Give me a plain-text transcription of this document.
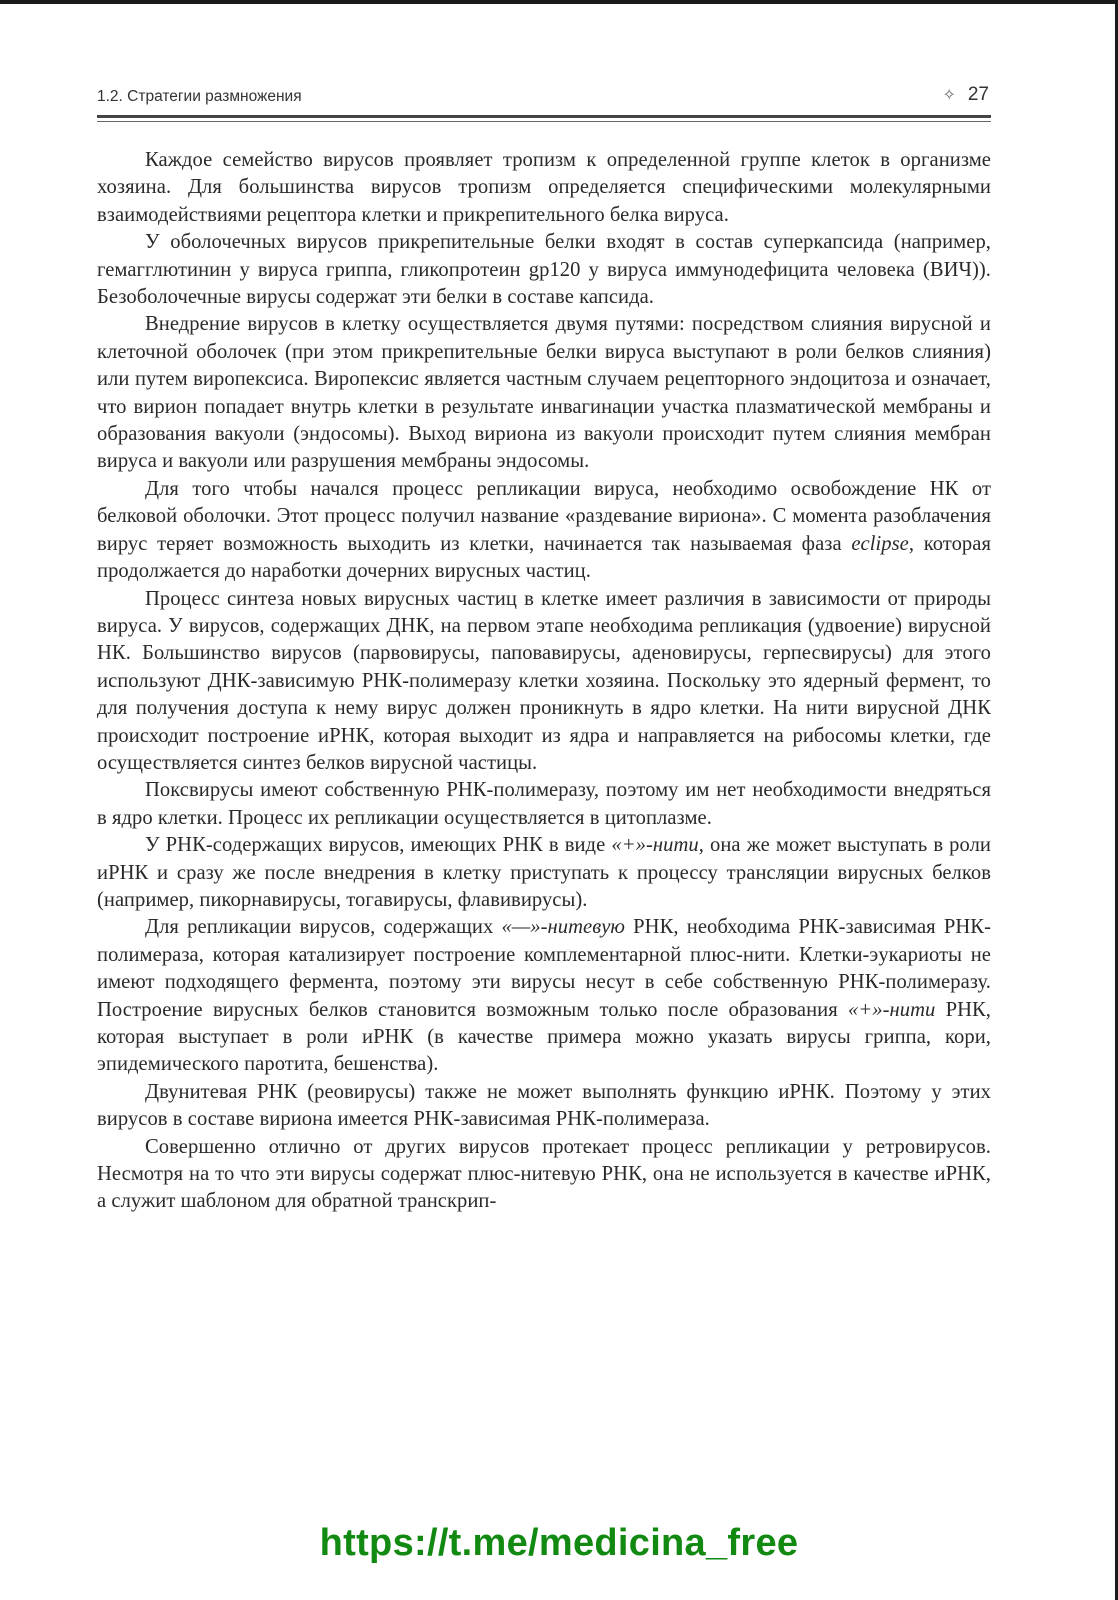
1.2. Стратегии размножения	✧ 27

Каждое семейство вирусов проявляет тропизм к определенной группе клеток в организме хозяина. Для большинства вирусов тропизм определяется специфическими молекулярными взаимодействиями рецептора клетки и прикрепительного белка вируса.

У оболочечных вирусов прикрепительные белки входят в состав суперкапсида (например, гемагглютинин у вируса гриппа, гликопротеин gp120 у вируса иммунодефицита человека (ВИЧ)). Безоболочечные вирусы содержат эти белки в составе капсида.

Внедрение вирусов в клетку осуществляется двумя путями: посредством слияния вирусной и клеточной оболочек (при этом прикрепительные белки вируса выступают в роли белков слияния) или путем виропексиса. Виропексис является частным случаем рецепторного эндоцитоза и означает, что вирион попадает внутрь клетки в результате инвагинации участка плазматической мембраны и образования вакуоли (эндосомы). Выход вириона из вакуоли происходит путем слияния мембран вируса и вакуоли или разрушения мембраны эндосомы.

Для того чтобы начался процесс репликации вируса, необходимо освобождение НК от белковой оболочки. Этот процесс получил название «раздевание вириона». С момента разоблачения вирус теряет возможность выходить из клетки, начинается так называемая фаза eclipse, которая продолжается до наработки дочерних вирусных частиц.

Процесс синтеза новых вирусных частиц в клетке имеет различия в зависимости от природы вируса. У вирусов, содержащих ДНК, на первом этапе необходима репликация (удвоение) вирусной НК. Большинство вирусов (парвовирусы, паповавирусы, аденовирусы, герпесвирусы) для этого используют ДНК-зависимую РНК-полимеразу клетки хозяина. Поскольку это ядерный фермент, то для получения доступа к нему вирус должен проникнуть в ядро клетки. На нити вирусной ДНК происходит построение иРНК, которая выходит из ядра и направляется на рибосомы клетки, где осуществляется синтез белков вирусной частицы.

Поксвирусы имеют собственную РНК-полимеразу, поэтому им нет необходимости внедряться в ядро клетки. Процесс их репликации осуществляется в цитоплазме.

У РНК-содержащих вирусов, имеющих РНК в виде «+»-нити, она же может выступать в роли иРНК и сразу же после внедрения в клетку приступать к процессу трансляции вирусных белков (например, пикорнавирусы, тогавирусы, флавивирусы).

Для репликации вирусов, содержащих «—»-нитевую РНК, необходима РНК-зависимая РНК-полимераза, которая катализирует построение комплементарной плюс-нити. Клетки-эукариоты не имеют подходящего фермента, поэтому эти вирусы несут в себе собственную РНК-полимеразу. Построение вирусных белков становится возможным только после образования «+»-нити РНК, которая выступает в роли иРНК (в качестве примера можно указать вирусы гриппа, кори, эпидемического паротита, бешенства).

Двунитевая РНК (реовирусы) также не может выполнять функцию иРНК. Поэтому у этих вирусов в составе вириона имеется РНК-зависимая РНК-полимераза.

Совершенно отлично от других вирусов протекает процесс репликации у ретровирусов. Несмотря на то что эти вирусы содержат плюс-нитевую РНК, она не используется в качестве иРНК, а служит шаблоном для обратной транскрип-

https://t.me/medicina_free
